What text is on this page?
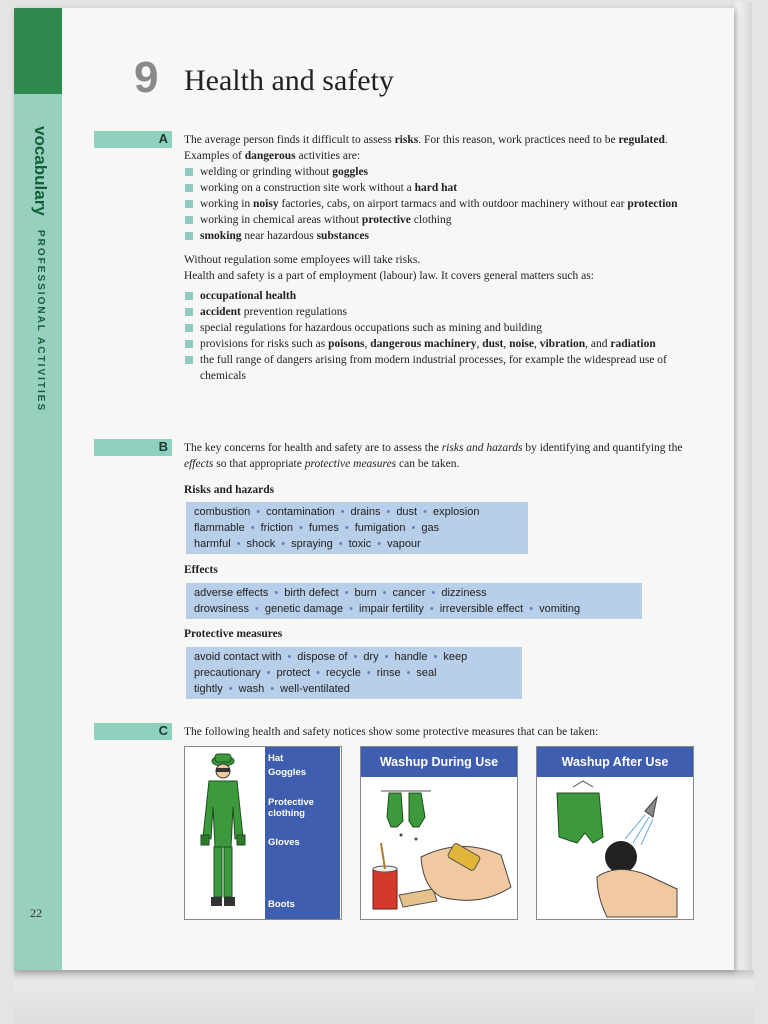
vocabulary PROFESSIONAL ACTIVITIES
22
9 Health and safety
A The average person finds it difficult to assess risks. For this reason, work practices need to be regulated. Examples of dangerous activities are:

welding or grinding without goggles
working on a construction site work without a hard hat
working in noisy factories, cabs, on airport tarmacs and with outdoor machinery without ear protection
working in chemical areas without protective clothing
smoking near hazardous substances

Without regulation some employees will take risks.

Health and safety is a part of employment (labour) law. It covers general matters such as:

occupational health
accident prevention regulations
special regulations for hazardous occupations such as mining and building
provisions for risks such as poisons, dangerous machinery, dust, noise, vibration, and radiation
the full range of dangers arising from modern industrial processes, for example the widespread use of chemicals
B The key concerns for health and safety are to assess the risks and hazards by identifying and quantifying the effects so that appropriate protective measures can be taken.

Risks and hazards
combustion • contamination • drains • dust • explosion
flammable • friction • fumes • fumigation • gas
harmful • shock • spraying • toxic • vapour
Effects
adverse effects • birth defect • burn • cancer • dizziness
drowsiness • genetic damage • impair fertility • irreversible effect • vomiting
Protective measures
avoid contact with • dispose of • dry • handle • keep
precautionary • protect • recycle • rinse • seal
tightly • wash • well-ventilated
C The following health and safety notices show some protective measures that can be taken:
Hat
Goggles
Protective
clothing
Gloves
Boots
Washup During Use	Washup After Use
